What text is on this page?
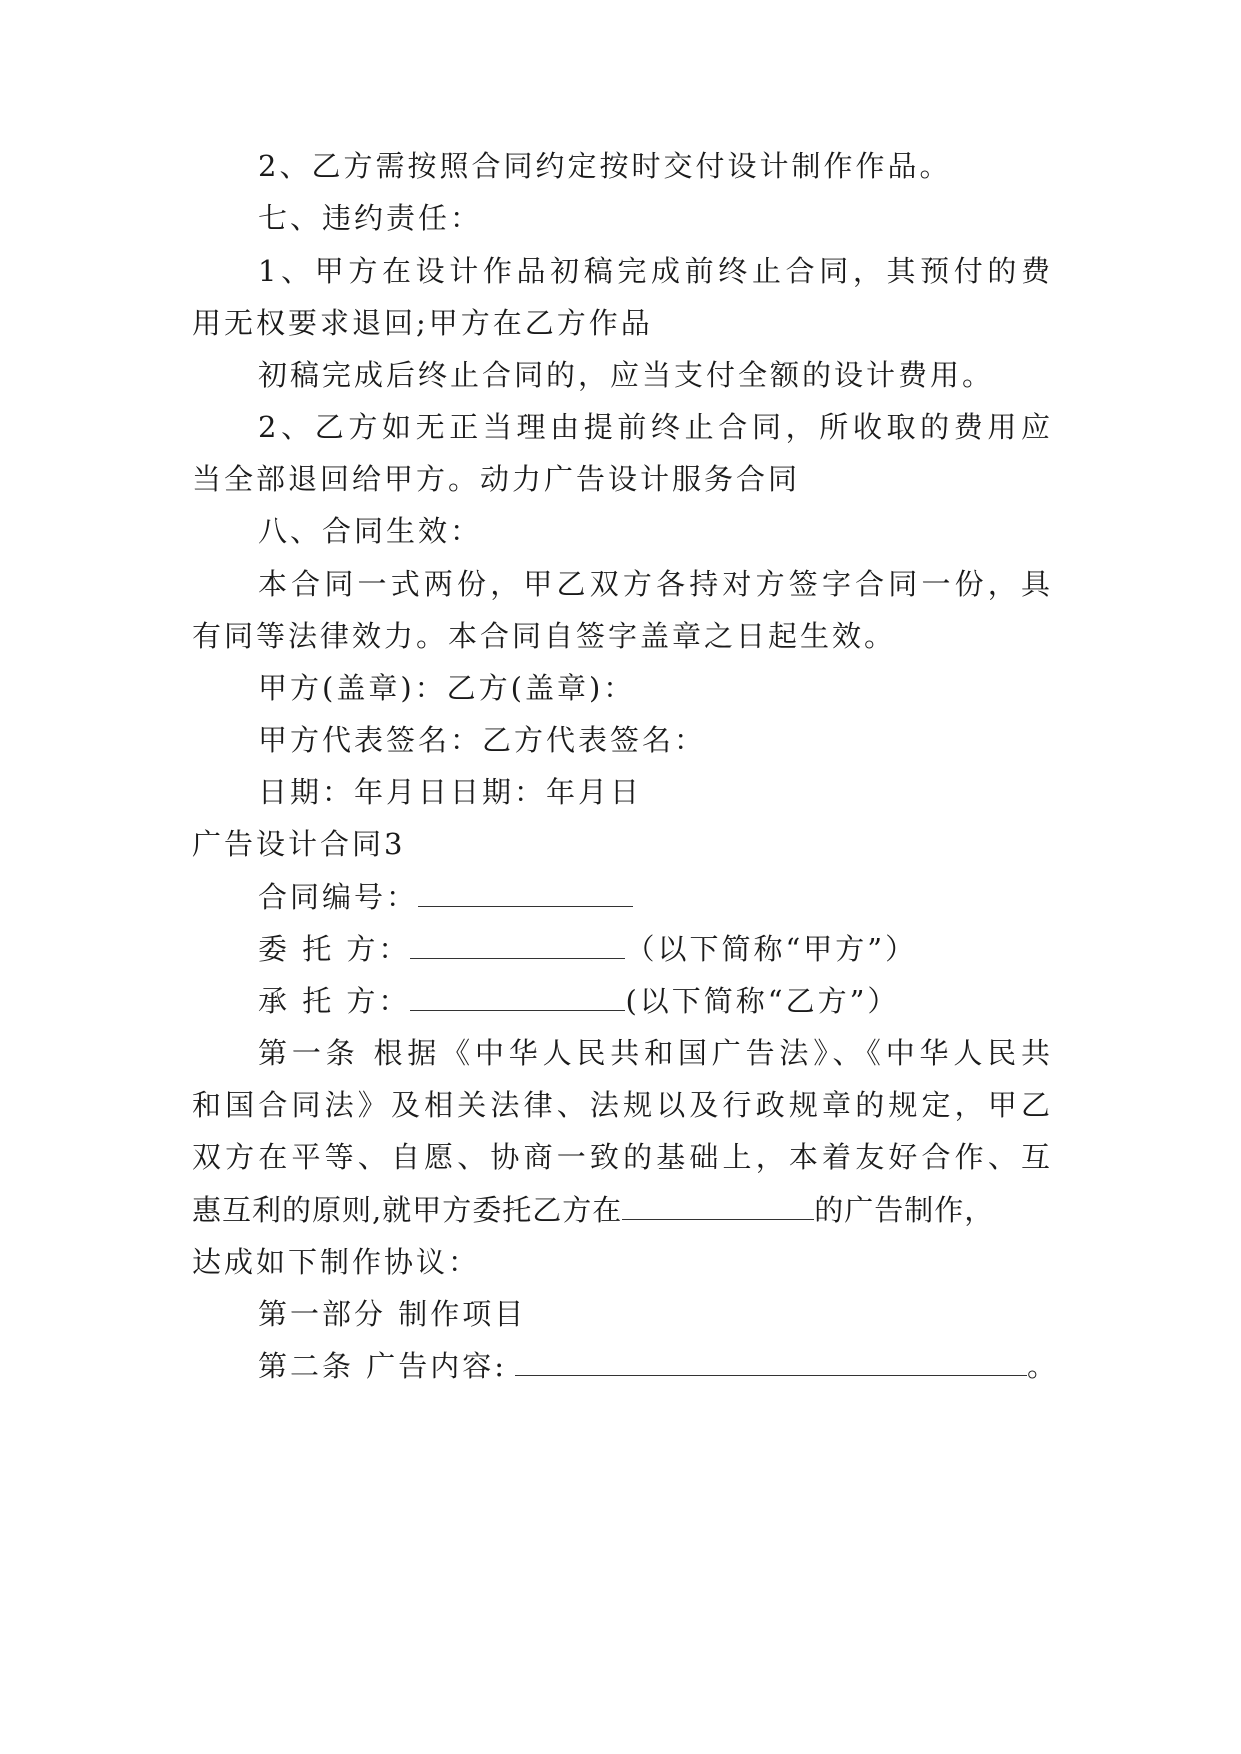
2、乙方需按照合同约定按时交付设计制作作品。
七、违约责任：
1、甲方在设计作品初稿完成前终止合同，其预付的费
用无权要求退回;甲方在乙方作品
初稿完成后终止合同的，应当支付全额的设计费用。
2、乙方如无正当理由提前终止合同，所收取的费用应
当全部退回给甲方。动力广告设计服务合同
八、合同生效：
本合同一式两份，甲乙双方各持对方签字合同一份，具
有同等法律效力。本合同自签字盖章之日起生效。
甲方(盖章)：乙方(盖章)：
甲方代表签名：乙方代表签名：
日期：年月日日期：年月日
广告设计合同3
合同编号：
委 托 方：	（以下简称“甲方”）
承 托 方：	(以下简称“乙方”）
第一条 根据《中华人民共和国广告法》、《中华人民共
和国合同法》及相关法律、法规以及行政规章的规定，甲乙
双方在平等、自愿、协商一致的基础上，本着友好合作、互
惠互利的原则,就甲方委托乙方在	的广告制作，
达成如下制作协议：
第一部分 制作项目
第二条 广告内容:	。
